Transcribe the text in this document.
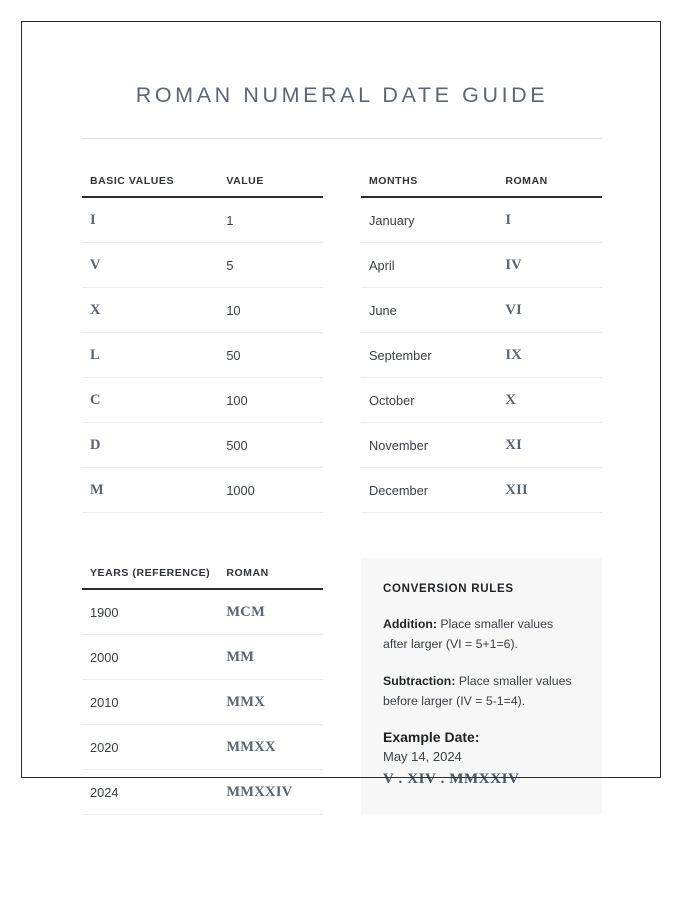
ROMAN NUMERAL DATE GUIDE
BASIC VALUES	VALUE
I	1
V	5
X	10
L	50
C	100
D	500
M	1000
YEARS (REFERENCE)	ROMAN
1900	MCM
2000	MM
2010	MMX
2020	MMXX
2024	MMXXIV
MONTHS	ROMAN
January	I
April	IV
June	VI
September	IX
October	X
November	XI
December	XII
CONVERSION RULES

Addition: Place smaller values after larger (VI = 5+1=6).

Subtraction: Place smaller values before larger (IV = 5-1=4).

Example Date:

May 14, 2024

V . XIV . MMXXIV
